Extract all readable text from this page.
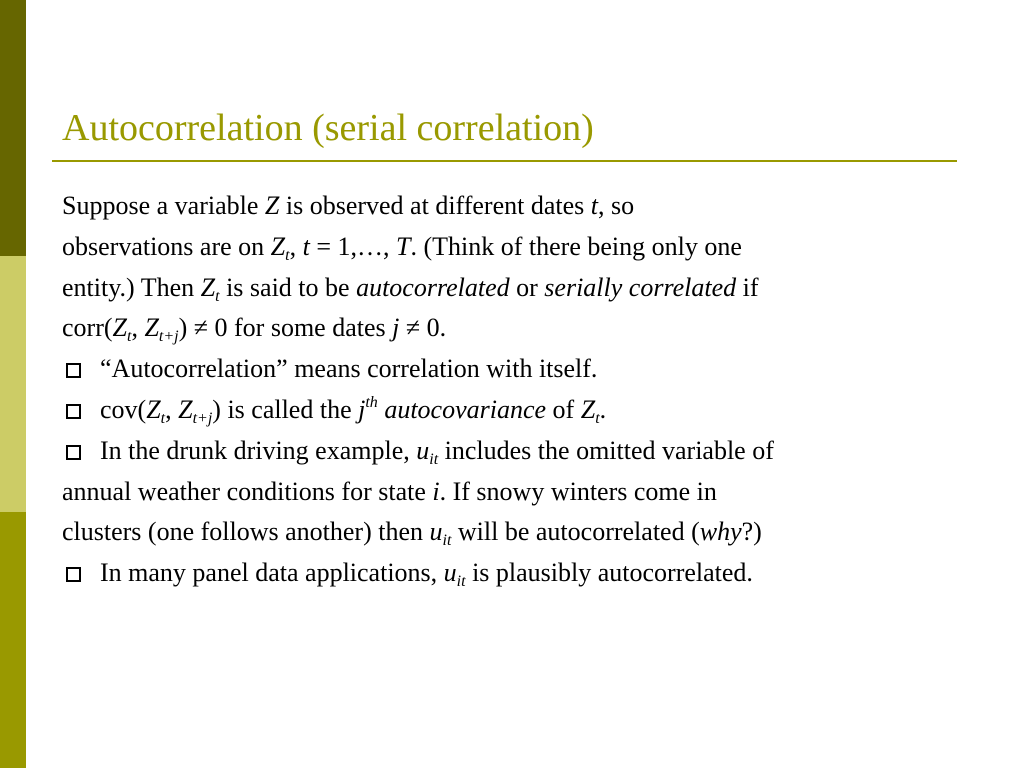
Autocorrelation (serial correlation)

Suppose a variable Z is observed at different dates t, so

observations are on $Z_t$, t = 1,…, T. (Think of there being only one

entity.) Then $Z_t$ is said to be autocorrelated or serially correlated if

$corr(Z_t$, $Z_{t+j}) \ne 0$ for some dates j ≠ 0.

“Autocorrelation” means correlation with itself.

$cov(Z_t$, $Z_{t+j}$) is called the $j^{th}$ autocovariance of $Z_t$.

In the drunk driving example, $u_{it}$ includes the omitted variable of
annual weather conditions for state i. If snowy winters come in
clusters (one follows another) then $u_{it}$ will be autocorrelated (why?)

In many panel data applications, $u_{it}$ is plausibly autocorrelated.
